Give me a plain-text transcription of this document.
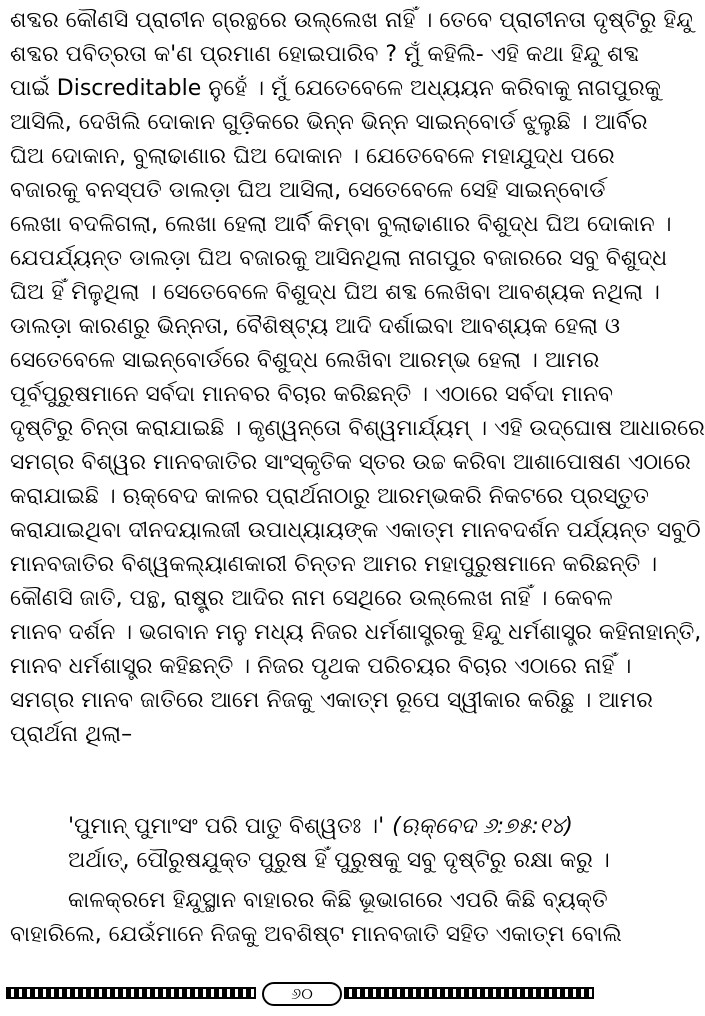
ଶବ୍ଦର କୌଣସି ପ୍ରାଚୀନ ଗ୍ରନ୍ଥରେ ଉଲ୍ଲେଖ ନାହିଁ । ତେବେ ପ୍ରାଚୀନତା ଦୃଷ୍ଟିରୁ ହିନ୍ଦୁ
ଶବ୍ଦର ପବିତ୍ରତା କ'ଣ ପ୍ରମାଣ ହୋଇପାରିବ ? ମୁଁ କହିଲି- ଏହି କଥା ହିନ୍ଦୁ ଶବ୍ଦ
ପାଇଁ Discreditable ନୁହେଁ । ମୁଁ ଯେତେବେଳେ ଅଧ୍ୟୟନ କରିବାକୁ ନାଗପୁରକୁ
ଆସିଲି, ଦେଖିଲି ଦୋକାନ ଗୁଡ଼ିକରେ ଭିନ୍ନ ଭିନ୍ନ ସାଇନ୍‌ବୋର୍ଡ ଝୁଲୁଛି । ଆର୍ବିର
ଘିଅ ଦୋକାନ, ବୁଲାଢାଣାର ଘିଅ ଦୋକାନ । ଯେତେବେଳେ ମହାଯୁଦ୍ଧ ପରେ
ବଜାରକୁ ବନସ୍ପତି ଡାଲଡ଼ା ଘିଅ ଆସିଲା, ସେତେବେଳେ ସେହି ସାଇନ୍‌ବୋର୍ଡ
ଲେଖା ବଦଳିଗଲା, ଲେଖା ହେଲା ଆର୍ବି କିମ୍ବା ବୁଲାଢାଣାର ବିଶୁଦ୍ଧ ଘିଅ ଦୋକାନ ।
ଯେପର୍ଯ୍ୟନ୍ତ ଡାଲଡ଼ା ଘିଅ ବଜାରକୁ ଆସିନଥିଲା ନାଗପୁର ବଜାରରେ ସବୁ ବିଶୁଦ୍ଧ
ଘିଅ ହିଁ ମିଳୁଥିଲା । ସେତେବେଳେ ବିଶୁଦ୍ଧ ଘିଅ ଶବ୍ଦ ଲେଖିବା ଆବଶ୍ୟକ ନଥିଲା ।
ଡାଲଡ଼ା କାରଣରୁ ଭିନ୍ନତା, ବୈଶିଷ୍ଟ୍ୟ ଆଦି ଦର୍ଶାଇବା ଆବଶ୍ୟକ ହେଲା ଓ
ସେତେବେଳେ ସାଇନ୍‌ବୋର୍ଡରେ ବିଶୁଦ୍ଧ ଲେଖିବା ଆରମ୍ଭ ହେଲା । ଆମର
ପୂର୍ବପୁରୁଷମାନେ ସର୍ବଦା ମାନବର ବିଚାର କରିଛନ୍ତି । ଏଠାରେ ସର୍ବଦା ମାନବ
ଦୃଷ୍ଟିରୁ ଚିନ୍ତା କରାଯାଇଛି । କୃଣ୍ୱନ୍ତୋ ବିଶ୍ୱମାର୍ଯ୍ୟମ୍ । ଏହି ଉଦ୍‌ଘୋଷ ଆଧାରରେ
ସମଗ୍ର ବିଶ୍ୱର ମାନବଜାତିର ସାଂସ୍କୃତିକ ସ୍ତର ଉଚ୍ଚ କରିବା ଆଶାପୋଷଣ ଏଠାରେ
କରାଯାଇଛି । ଋକ୍‌ବେଦ କାଳର ପ୍ରାର୍ଥନାଠାରୁ ଆରମ୍ଭକରି ନିକଟରେ ପ୍ରସ୍ତୁତ
କରାଯାଇଥିବା ଦୀନଦୟାଲଜୀ ଉପାଧ୍ୟାୟଙ୍କ ଏକାତ୍ମ ମାନବଦର୍ଶନ ପର୍ଯ୍ୟନ୍ତ ସବୁଠି
ମାନବଜାତିର ବିଶ୍ୱକଲ୍ୟାଣକାରୀ ଚିନ୍ତନ ଆମର ମହାପୁରୁଷମାନେ କରିଛନ୍ତି ।
କୌଣସି ଜାତି, ପନ୍ଥ, ରାଷ୍ଟ୍ର ଆଦିର ନାମ ସେଥିରେ ଉଲ୍ଲେଖ ନାହିଁ । କେବଳ
ମାନବ ଦର୍ଶନ । ଭଗବାନ ମନୁ ମଧ୍ୟ ନିଜର ଧର୍ମଶାସ୍ତ୍ରକୁ ହିନ୍ଦୁ ଧର୍ମଶାସ୍ତ୍ର କହିନାହାନ୍ତି,
ମାନବ ଧର୍ମଶାସ୍ତ୍ର କହିଛନ୍ତି । ନିଜର ପୃଥକ ପରିଚୟର ବିଚାର ଏଠାରେ ନାହିଁ ।
ସମଗ୍ର ମାନବ ଜାତିରେ ଆମେ ନିଜକୁ ଏକାତ୍ମ ରୂପେ ସ୍ୱୀକାର କରିଛୁ । ଆମର
ପ୍ରାର୍ଥନା ଥିଲା–

'ପୁମାନ୍ ପୁମାଂସଂ ପରି ପାତୁ ବିଶ୍ୱତଃ ।' (ଋକ୍‌ବେଦ ୬:୭୫:୧୪)
ଅର୍ଥାତ୍, ପୌରୁଷଯୁକ୍ତ ପୁରୁଷ ହିଁ ପୁରୁଷକୁ ସବୁ ଦୃଷ୍ଟିରୁ ରକ୍ଷା କରୁ ।

କାଳକ୍ରମେ ହିନ୍ଦୁସ୍ଥାନ ବାହାରର କିଛି ଭୂଭାଗରେ ଏପରି କିଛି ବ୍ୟକ୍ତି
ବାହାରିଲେ, ଯେଉଁମାନେ ନିଜକୁ ଅବଶିଷ୍ଟ ମାନବଜାତି ସହିତ ଏକାତ୍ମ ବୋଲି

୬୦
